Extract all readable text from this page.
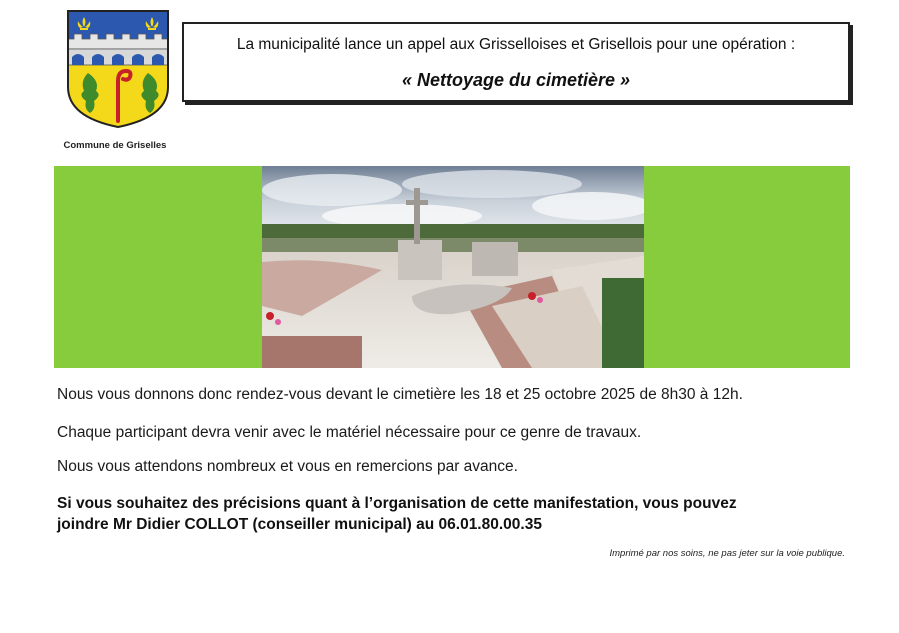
Commune de Griselles
La municipalité lance un appel aux Grisselloises et Grisellois pour une opération :
« Nettoyage du cimetière »
Nous vous donnons donc rendez-vous devant le cimetière les 18 et 25 octobre 2025 de 8h30 à 12h.
Chaque participant devra venir avec le matériel nécessaire pour ce genre de travaux.
Nous vous attendons nombreux et vous en remercions par avance.
Si vous souhaitez des précisions quant à l’organisation de cette manifestation, vous pouvez
joindre Mr Didier COLLOT (conseiller municipal) au 06.01.80.00.35
Imprimé par nos soins, ne pas jeter sur la voie publique.
